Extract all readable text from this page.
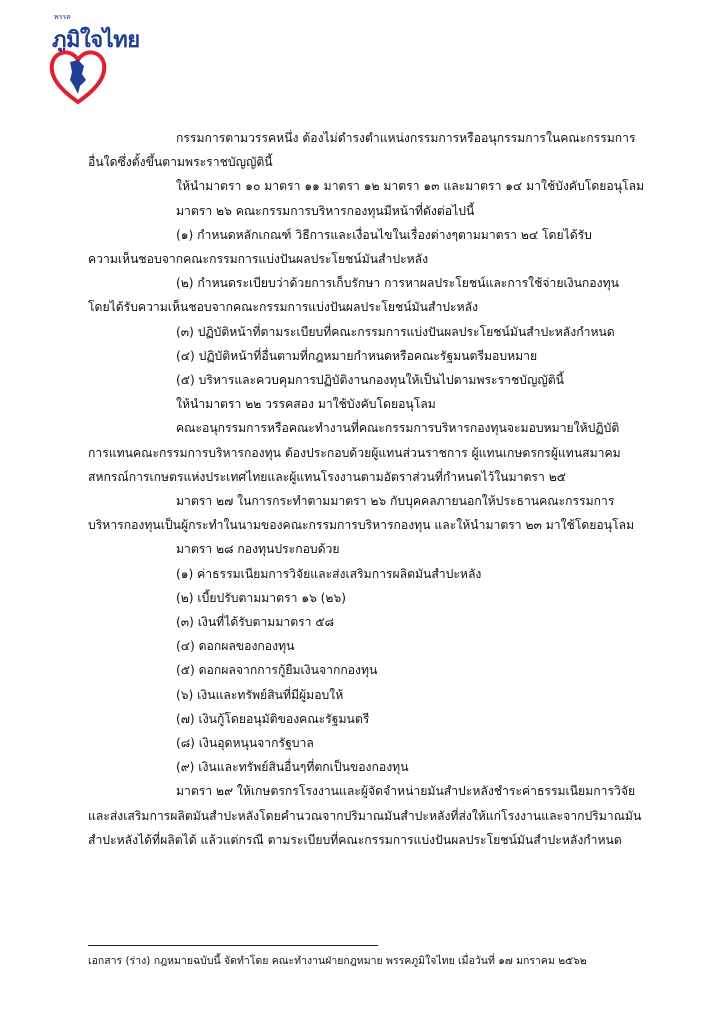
พรรค
ภูมิใจไทย

กรรมการตามวรรคหนึ่ง ต้องไม่ดำรงตำแหน่งกรรมการหรืออนุกรรมการในคณะกรรมการ

อื่นใดซึ่งตั้งขึ้นตามพระราชบัญญัตินี้

ให้นำมาตรา ๑๐ มาตรา ๑๑ มาตรา ๑๒ มาตรา ๑๓ และมาตรา ๑๔ มาใช้บังคับโดยอนุโลม

มาตรา ๒๖ คณะกรรมการบริหารกองทุนมีหน้าที่ดังต่อไปนี้

(๑) กำหนดหลักเกณฑ์ วิธีการและเงื่อนไขในเรื่องต่างๆตามมาตรา ๒๔ โดยได้รับ

ความเห็นชอบจากคณะกรรมการแบ่งปันผลประโยชน์มันสำปะหลัง

(๒) กำหนดระเบียบว่าด้วยการเก็บรักษา การหาผลประโยชน์และการใช้จ่ายเงินกองทุน

โดยได้รับความเห็นชอบจากคณะกรรมการแบ่งปันผลประโยชน์มันสำปะหลัง

(๓) ปฏิบัติหน้าที่ตามระเบียบที่คณะกรรมการแบ่งปันผลประโยชน์มันสำปะหลังกำหนด

(๔) ปฏิบัติหน้าที่อื่นตามที่กฎหมายกำหนดหรือคณะรัฐมนตรีมอบหมาย

(๕) บริหารและควบคุมการปฏิบัติงานกองทุนให้เป็นไปตามพระราชบัญญัตินี้

ให้นำมาตรา ๒๒ วรรคสอง มาใช้บังคับโดยอนุโลม

คณะอนุกรรมการหรือคณะทำงานที่คณะกรรมการบริหารกองทุนจะมอบหมายให้ปฏิบัติ

การแทนคณะกรรมการบริหารกองทุน ต้องประกอบด้วยผู้แทนส่วนราชการ ผู้แทนเกษตรกรผู้แทนสมาคม

สหกรณ์การเกษตรแห่งประเทศไทยและผู้แทนโรงงานตามอัตราส่วนที่กำหนดไว้ในมาตรา ๒๕

มาตรา ๒๗ ในการกระทำตามมาตรา ๒๖ กับบุคคลภายนอกให้ประธานคณะกรรมการ

บริหารกองทุนเป็นผู้กระทำในนามของคณะกรรมการบริหารกองทุน และให้นำมาตรา ๒๓ มาใช้โดยอนุโลม

มาตรา ๒๘ กองทุนประกอบด้วย

(๑) ค่าธรรมเนียมการวิจัยและส่งเสริมการผลิตมันสำปะหลัง

(๒) เบี้ยปรับตามมาตรา ๑๖ (๒๖)

(๓) เงินที่ได้รับตามมาตรา ๕๘

(๔) ดอกผลของกองทุน

(๕) ดอกผลจากการกู้ยืมเงินจากกองทุน

(๖) เงินและทรัพย์สินที่มีผู้มอบให้

(๗) เงินกู้โดยอนุมัติของคณะรัฐมนตรี

(๘) เงินอุดหนุนจากรัฐบาล

(๙) เงินและทรัพย์สินอื่นๆที่ตกเป็นของกองทุน

มาตรา ๒๙ ให้เกษตรกรโรงงานและผู้จัดจำหน่ายมันสำปะหลังชำระค่าธรรมเนียมการวิจัย

และส่งเสริมการผลิตมันสำปะหลังโดยคำนวณจากปริมาณมันสำปะหลังที่ส่งให้แก่โรงงานและจากปริมาณมัน

สำปะหลังได้ที่ผลิตได้ แล้วแต่กรณี ตามระเบียบที่คณะกรรมการแบ่งปันผลประโยชน์มันสำปะหลังกำหนด

เอกสาร (ร่าง) กฎหมายฉบับนี้ จัดทำโดย คณะทำงานฝ่ายกฎหมาย พรรคภูมิใจไทย เมื่อวันที่ ๑๗ มกราคม ๒๕๖๒
